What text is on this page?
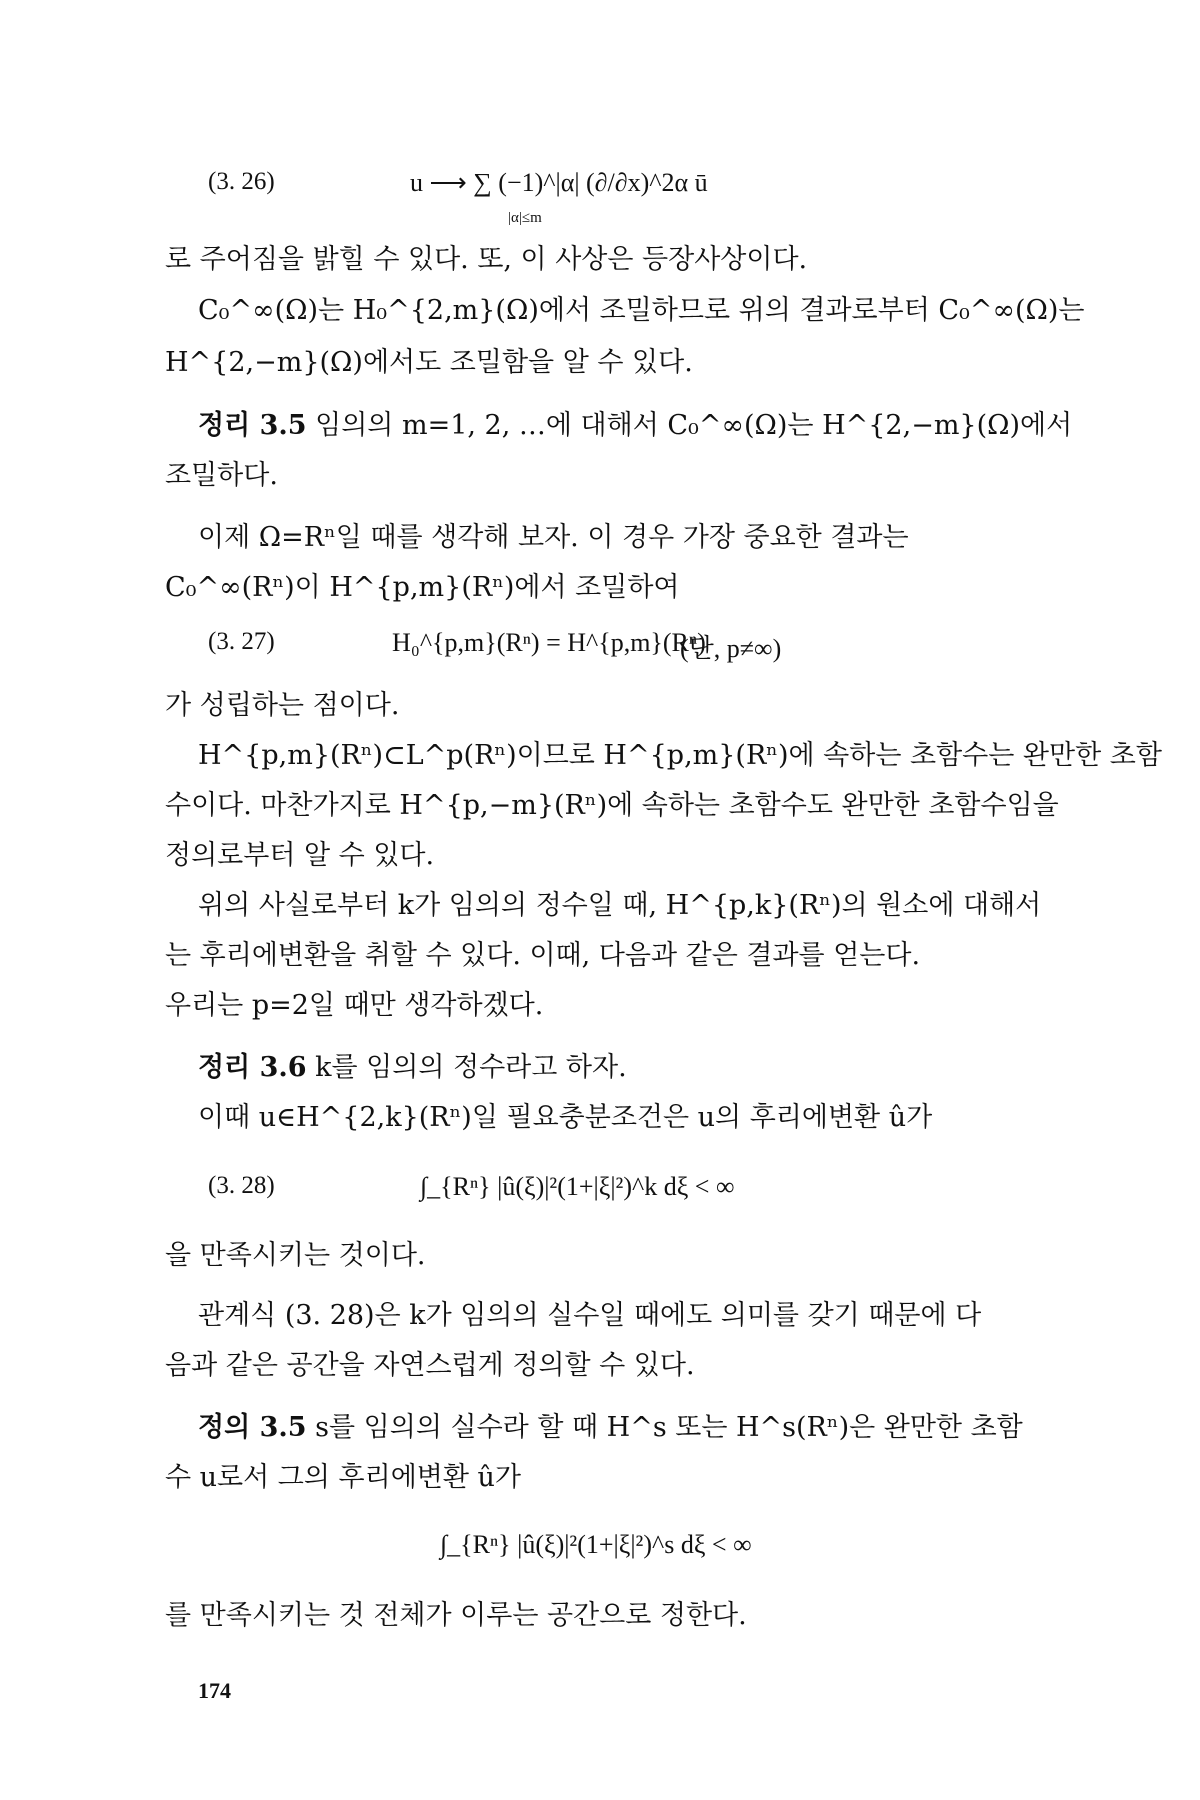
(3. 26)	u ⟶ ∑ (−1)^|α| (∂/∂x)^2α ū
|α|≤m
로 주어짐을 밝힐 수 있다. 또, 이 사상은 등장사상이다.
C₀^∞(Ω)는 H₀^{2,m}(Ω)에서 조밀하므로 위의 결과로부터 C₀^∞(Ω)는
H^{2,−m}(Ω)에서도 조밀함을 알 수 있다.
정리 3.5 임의의 m=1, 2, …에 대해서 C₀^∞(Ω)는 H^{2,−m}(Ω)에서
조밀하다.
이제 Ω=Rⁿ일 때를 생각해 보자. 이 경우 가장 중요한 결과는
C₀^∞(Rⁿ)이 H^{p,m}(Rⁿ)에서 조밀하여
(3. 27)	H₀^{p,m}(Rⁿ) = H^{p,m}(Rⁿ)
(단, p≠∞)
가 성립하는 점이다.
H^{p,m}(Rⁿ)⊂L^p(Rⁿ)이므로 H^{p,m}(Rⁿ)에 속하는 초함수는 완만한 초함
수이다. 마찬가지로 H^{p,−m}(Rⁿ)에 속하는 초함수도 완만한 초함수임을
정의로부터 알 수 있다.
위의 사실로부터 k가 임의의 정수일 때, H^{p,k}(Rⁿ)의 원소에 대해서
는 후리에변환을 취할 수 있다. 이때, 다음과 같은 결과를 얻는다.
우리는 p=2일 때만 생각하겠다.
정리 3.6 k를 임의의 정수라고 하자.
이때 u∈H^{2,k}(Rⁿ)일 필요충분조건은 u의 후리에변환 û가
(3. 28)	∫_{Rⁿ} |û(ξ)|²(1+|ξ|²)^k dξ < ∞
을 만족시키는 것이다.
관계식 (3. 28)은 k가 임의의 실수일 때에도 의미를 갖기 때문에 다
음과 같은 공간을 자연스럽게 정의할 수 있다.
정의 3.5 s를 임의의 실수라 할 때 H^s 또는 H^s(Rⁿ)은 완만한 초함
수 u로서 그의 후리에변환 û가
∫_{Rⁿ} |û(ξ)|²(1+|ξ|²)^s dξ < ∞
를 만족시키는 것 전체가 이루는 공간으로 정한다.
174
